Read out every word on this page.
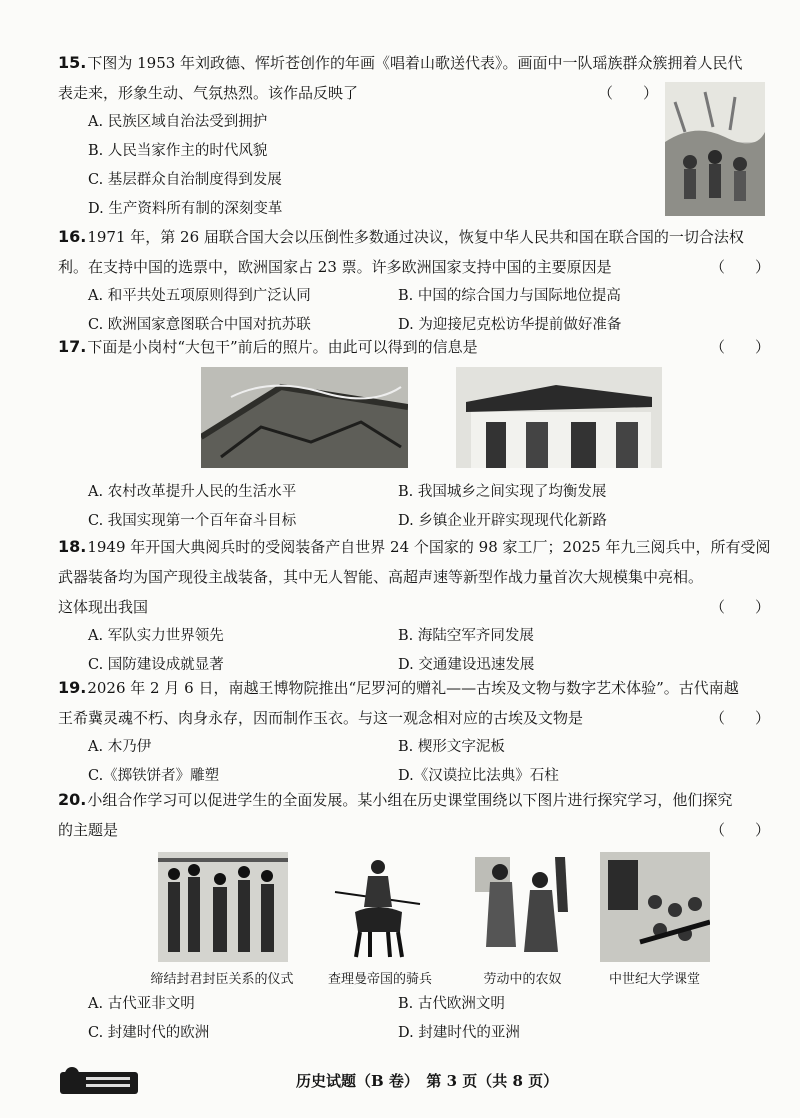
15.下图为 1953 年刘政德、恽圻苍创作的年画《唱着山歌送代表》。画面中一队瑶族群众簇拥着人民代
表走来，形象生动、气氛热烈。该作品反映了	（　　）
A. 民族区域自治法受到拥护
B. 人民当家作主的时代风貌
C. 基层群众自治制度得到发展
D. 生产资料所有制的深刻变革
16.1971 年，第 26 届联合国大会以压倒性多数通过决议，恢复中华人民共和国在联合国的一切合法权
利。在支持中国的选票中，欧洲国家占 23 票。许多欧洲国家支持中国的主要原因是	（　　）
A. 和平共处五项原则得到广泛认同	B. 中国的综合国力与国际地位提高
C. 欧洲国家意图联合中国对抗苏联	D. 为迎接尼克松访华提前做好准备
17.下面是小岗村“大包干”前后的照片。由此可以得到的信息是	（　　）
A. 农村改革提升人民的生活水平	B. 我国城乡之间实现了均衡发展
C. 我国实现第一个百年奋斗目标	D. 乡镇企业开辟实现现代化新路
18.1949 年开国大典阅兵时的受阅装备产自世界 24 个国家的 98 家工厂；2025 年九三阅兵中，所有受阅
武器装备均为国产现役主战装备，其中无人智能、高超声速等新型作战力量首次大规模集中亮相。
这体现出我国	（　　）
A. 军队实力世界领先	B. 海陆空军齐同发展
C. 国防建设成就显著	D. 交通建设迅速发展
19.2026 年 2 月 6 日，南越王博物院推出“尼罗河的赠礼——古埃及文物与数字艺术体验”。古代南越
王希冀灵魂不朽、肉身永存，因而制作玉衣。与这一观念相对应的古埃及文物是	（　　）
A. 木乃伊	B. 楔形文字泥板
C.《掷铁饼者》雕塑	D.《汉谟拉比法典》石柱
20.小组合作学习可以促进学生的全面发展。某小组在历史课堂围绕以下图片进行探究学习，他们探究
的主题是	（　　）
缔结封君封臣关系的仪式	查理曼帝国的骑兵	劳动中的农奴	中世纪大学课堂
A. 古代亚非文明	B. 古代欧洲文明
C. 封建时代的欧洲	D. 封建时代的亚洲
历史试题（B 卷）　第 3 页（共 8 页）
